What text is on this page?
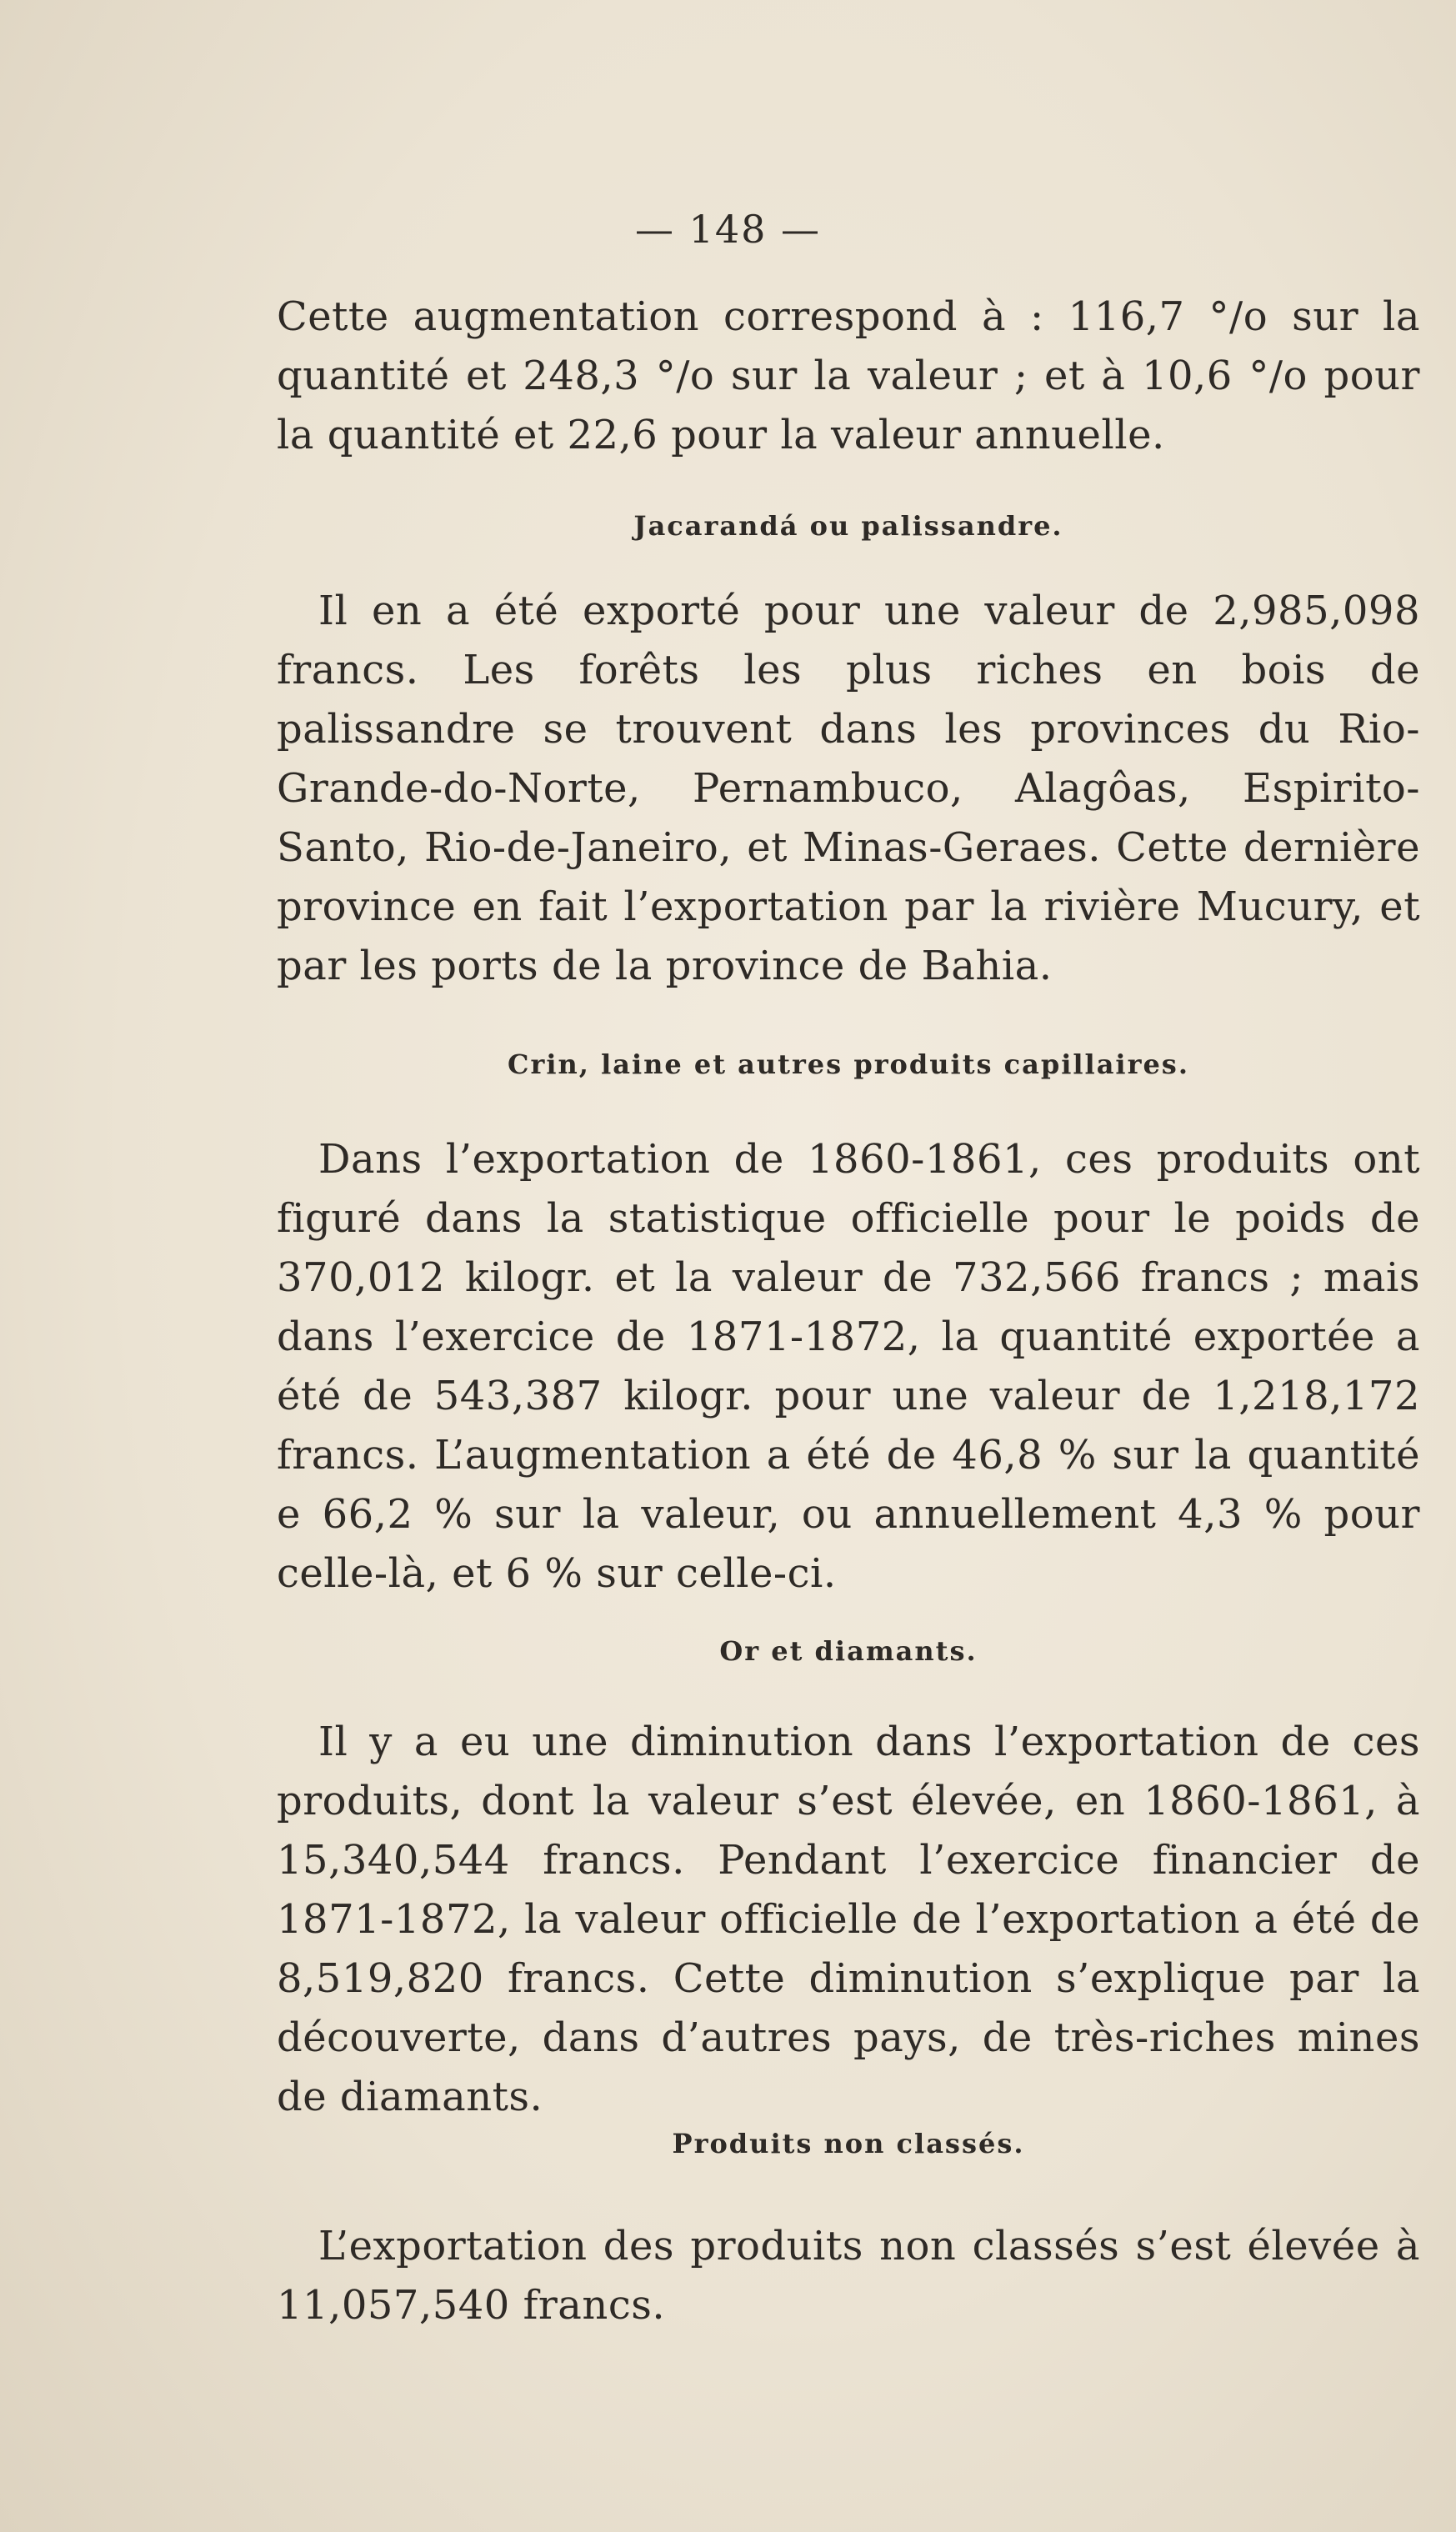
— 148 —

Cette augmentation correspond à : 116,7 °/o sur la quantité et 248,3 °/o sur la valeur ; et à 10,6 °/o pour la quantité et 22,6 pour la valeur annuelle.

Jacarandá ou palissandre.

Il en a été exporté pour une valeur de 2,985,098 francs. Les forêts les plus riches en bois de palissandre se trouvent dans les provinces du Rio-Grande-do-Norte, Pernambuco, Alagôas, Espirito-Santo, Rio-de-Janeiro, et Minas-Geraes. Cette dernière province en fait l’exportation par la rivière Mucury, et par les ports de la province de Bahia.

Crin, laine et autres produits capillaires.

Dans l’exportation de 1860-1861, ces produits ont figuré dans la statistique officielle pour le poids de 370,012 kilogr. et la valeur de 732,566 francs ; mais dans l’exercice de 1871-1872, la quantité exportée a été de 543,387 kilogr. pour une valeur de 1,218,172 francs. L’augmentation a été de 46,8 % sur la quantité e 66,2 % sur la valeur, ou annuellement 4,3 % pour celle-là, et 6 % sur celle-ci.

Or et diamants.

Il y a eu une diminution dans l’exportation de ces produits, dont la valeur s’est élevée, en 1860-1861, à 15,340,544 francs. Pendant l’exercice financier de 1871-1872, la valeur officielle de l’exportation a été de 8,519,820 francs. Cette diminution s’explique par la découverte, dans d’autres pays, de très-riches mines de diamants.

Produits non classés.

L’exportation des produits non classés s’est élevée à 11,057,540 francs.
